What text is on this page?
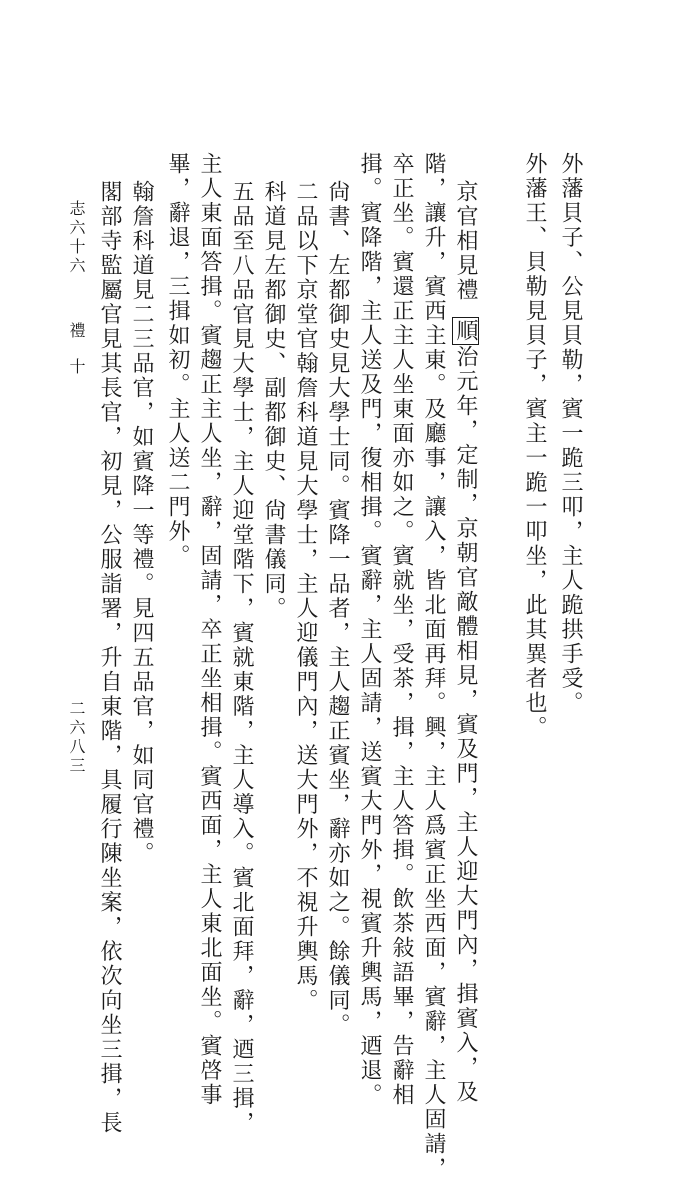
外藩貝子、公見貝勒，賓一跪三叩，主人跪拱手受。
外藩王、貝勒見貝子，賓主一跪一叩坐，此其異者也。
京官相見禮順治元年，定制，京朝官敵體相見，賓及門，主人迎大門內，揖賓入，及
階，讓升，賓西主東。及廳事，讓入，皆北面再拜。興，主人爲賓正坐西面，賓辭，主人固請，
卒正坐。賓還正主人坐東面亦如之。賓就坐，受茶，揖，主人答揖。飲茶敍語畢，告辭相
揖。賓降階，主人送及門，復相揖。賓辭，主人固請，送賓大門外，視賓升輿馬，迺退。
尙書、左都御史見大學士同。賓降一品者，主人趨正賓坐，辭亦如之。餘儀同。
二品以下京堂官翰詹科道見大學士，主人迎儀門內，送大門外，不視升輿馬。
科道見左都御史、副都御史、尙書儀同。
五品至八品官見大學士，主人迎堂階下，賓就東階，主人導入。賓北面拜，辭，迺三揖，
主人東面答揖。賓趨正主人坐，辭，固請，卒正坐相揖。賓西面，主人東北面坐。賓啓事
畢，辭退，三揖如初。主人送二門外。
翰詹科道見二三品官，如賓降一等禮。見四五品官，如同官禮。
閣部寺監屬官見其長官，初見，公服詣署，升自東階，具履行陳坐案，依次向坐三揖，長
志六十六
禮十
二六八三
